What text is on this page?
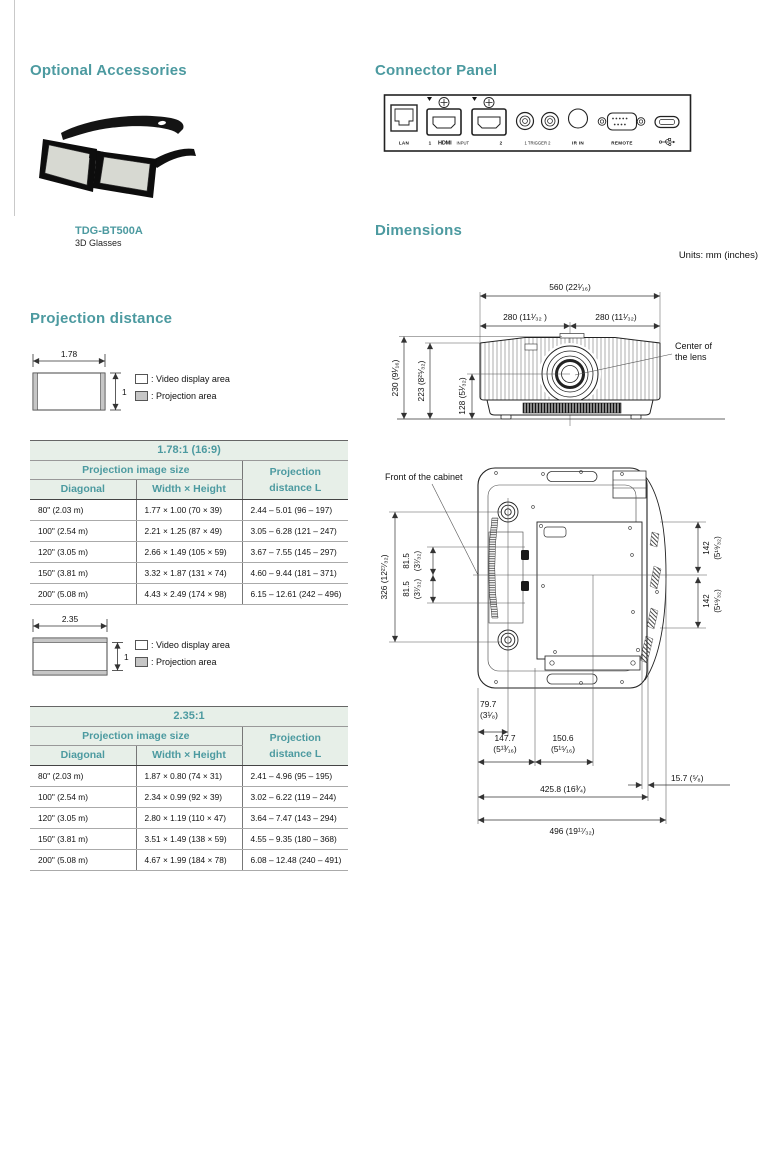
Optional Accessories
TDG-BT500A
3D Glasses
Connector Panel
LAN	1 HDMI INPUT	2	1 TRIGGER 2	IR IN	REMOTE
Projection distance
1.78
1
: Video display area
: Projection area
1.78:1 (16:9)		
Projection image size		Projection
distance L

Diagonal	Width × Height	
80" (2.03 m)	1.77 × 1.00 (70 × 39)	2.44 – 5.01 (96 – 197)
100" (2.54 m)	2.21 × 1.25 (87 × 49)	3.05 – 6.28 (121 – 247)
120" (3.05 m)	2.66 × 1.49 (105 × 59)	3.67 – 7.55 (145 – 297)
150" (3.81 m)	3.32 × 1.87 (131 × 74)	4.60 – 9.44 (181 – 371)
200" (5.08 m)	4.43 × 2.49 (174 × 98)	6.15 – 12.61 (242 – 496)
2.35
1
: Video display area
: Projection area
2.35:1		
Projection image size		Projection
distance L

Diagonal	Width × Height	
80" (2.03 m)	1.87 × 0.80 (74 × 31)	2.41 – 4.96 (95 – 195)
100" (2.54 m)	2.34 × 0.99 (92 × 39)	3.02 – 6.22 (119 – 244)
120" (3.05 m)	2.80 × 1.19 (110 × 47)	3.64 – 7.47 (143 – 294)
150" (3.81 m)	3.51 × 1.49 (138 × 59)	4.55 – 9.35 (180 – 368)
200" (5.08 m)	4.67 × 1.99 (184 × 78)	6.08 – 12.48 (240 – 491)
Dimensions
Units: mm (inches)
560 (22¹⁄₁₆)
280 (11¹⁄₃₂ )	280 (11¹⁄₃₂)
230 (9¹⁄₁₆) 223 (8²⁵⁄₃₂)	128 (5¹⁄₃₂)
Center of
the lens
Front of the cabinet
326 (12²⁷⁄₃₂) 81.5 (3⁷⁄₃₂)
81.5 (3⁷⁄₃₂)
142 (5¹⁹⁄₃₂)
142 (5¹⁹⁄₃₂)
79.7
(3¹⁄₈)
147.7
(5¹³⁄₁₆)
150.6
(5¹⁵⁄₁₆)
15.7 (⁵⁄₈)
425.8 (16³⁄₄)
496 (19¹⁷⁄₃₂)
